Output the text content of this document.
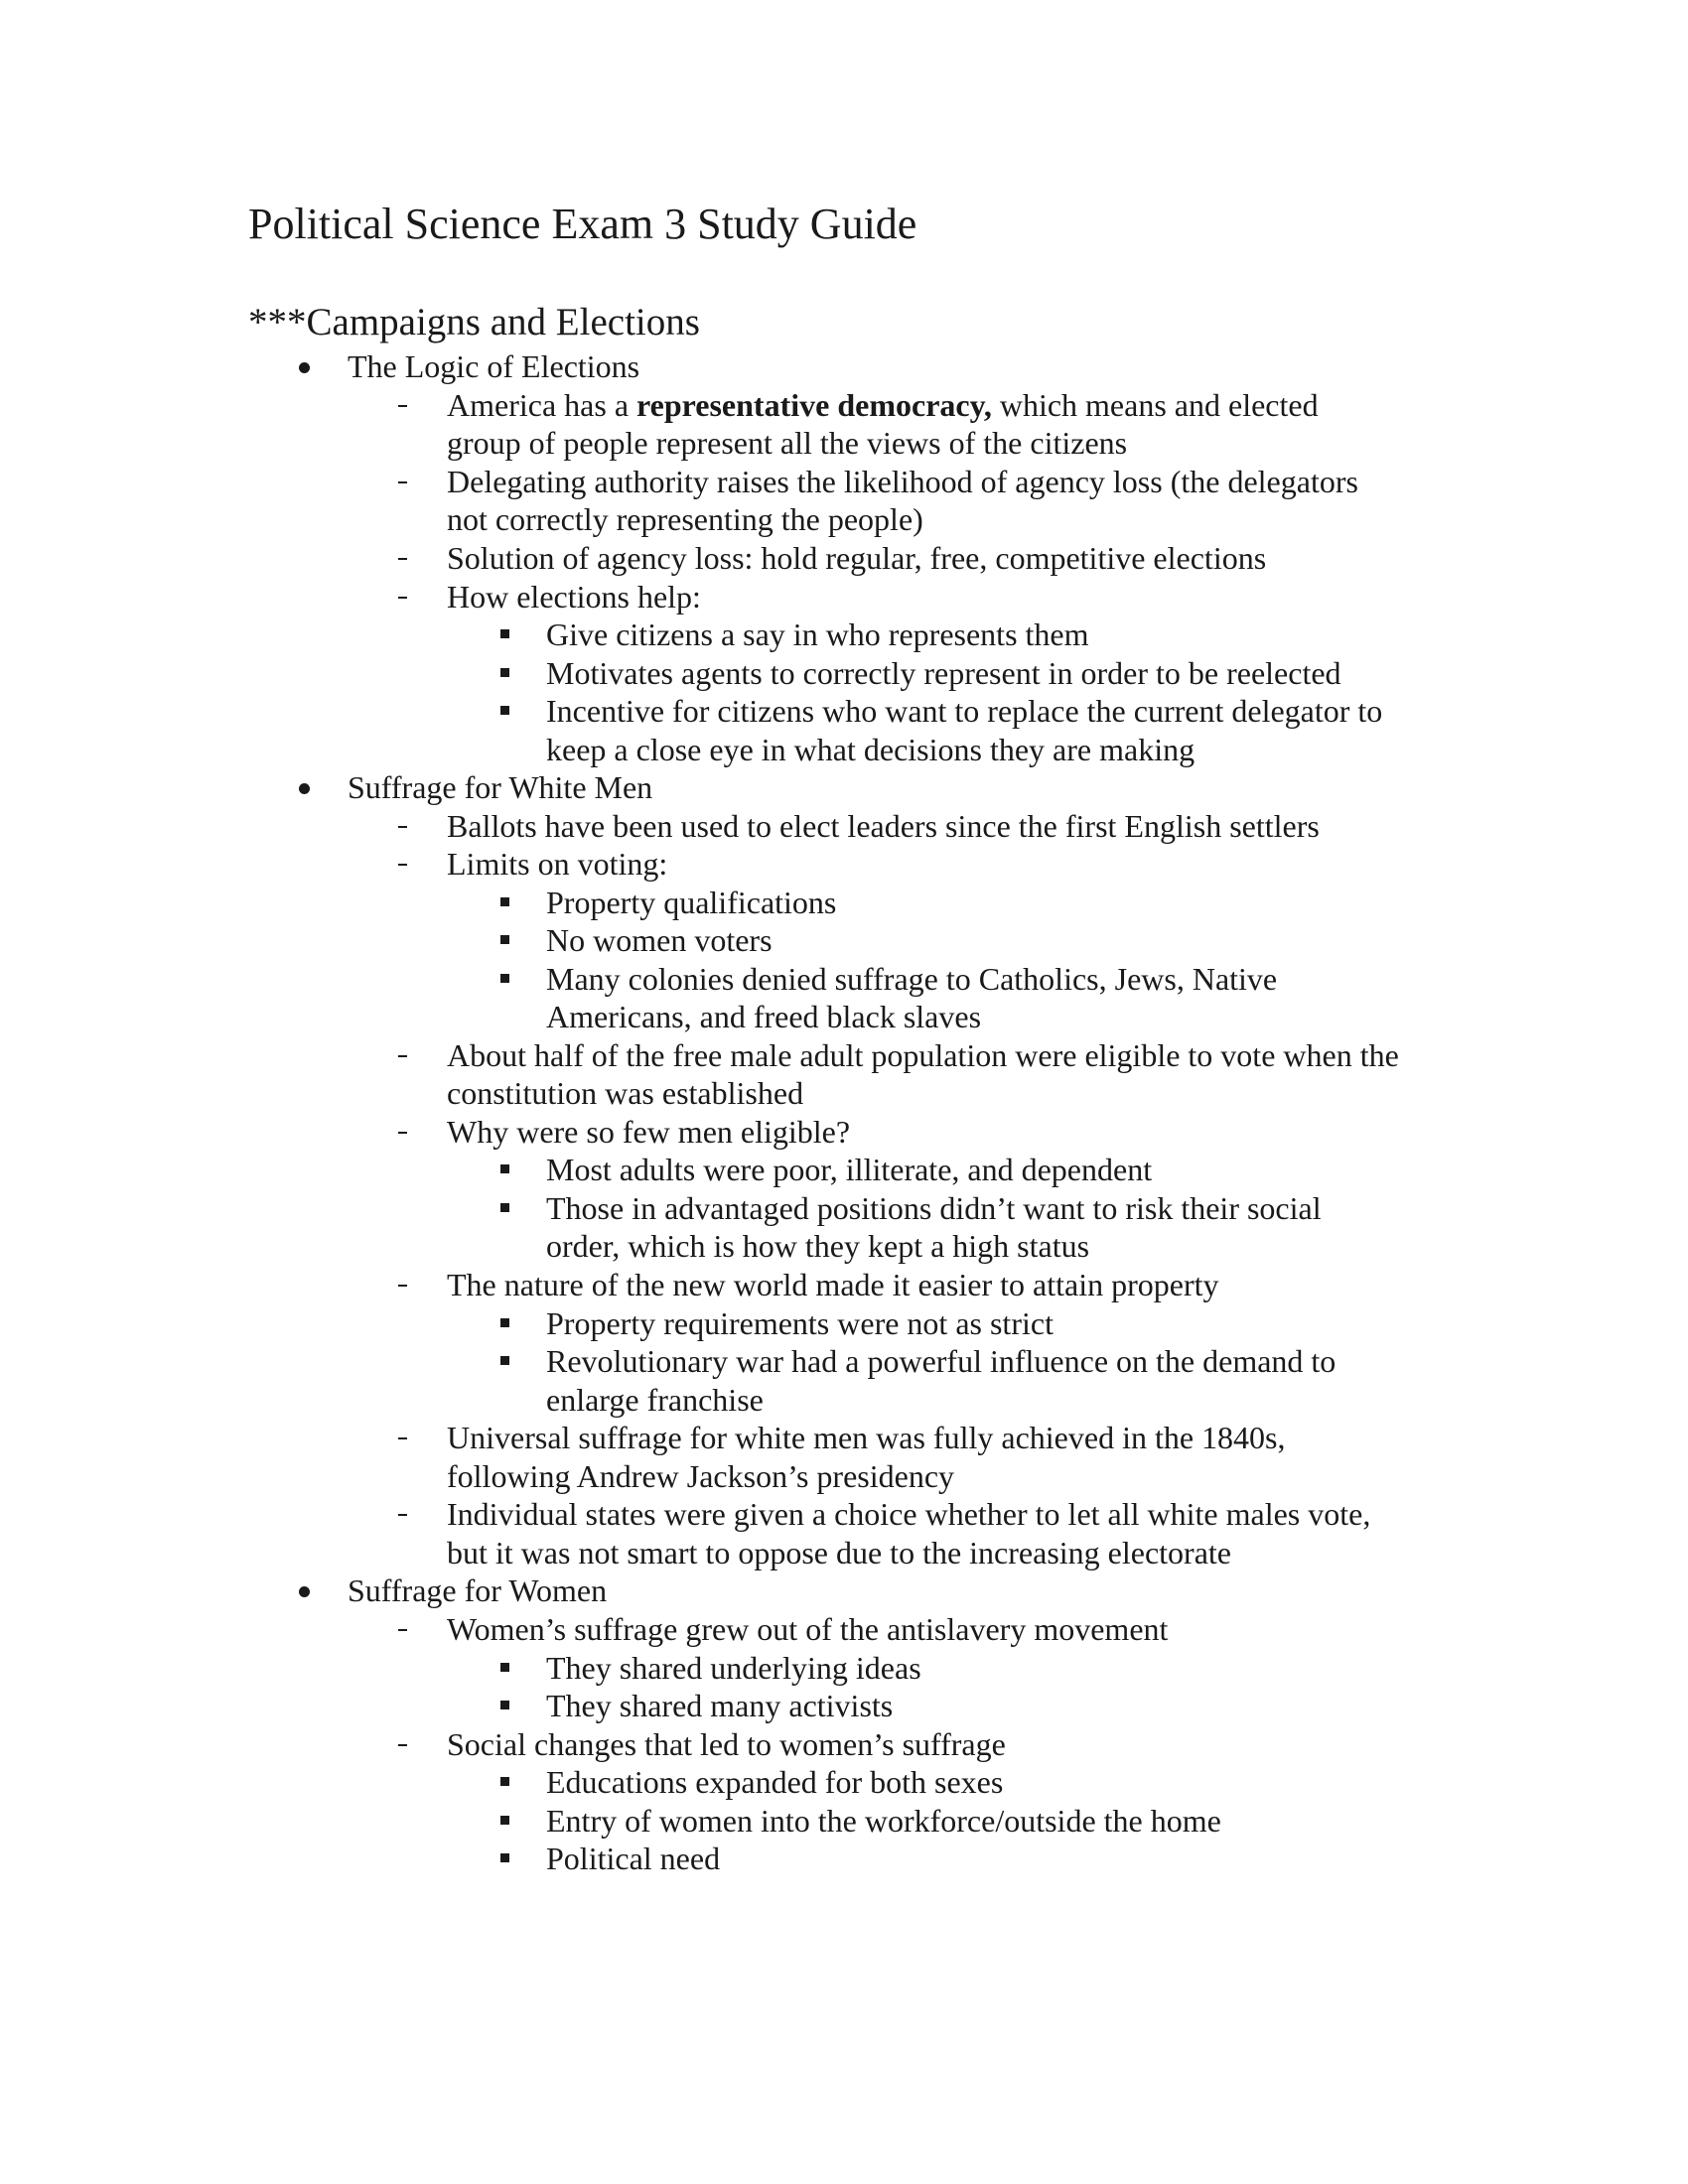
Political Science Exam 3 Study Guide
***Campaigns and Elections
The Logic of Elections
America has a representative democracy, which means and elected
group of people represent all the views of the citizens
Delegating authority raises the likelihood of agency loss (the delegators
not correctly representing the people)
Solution of agency loss: hold regular, free, competitive elections
How elections help:
Give citizens a say in who represents them
Motivates agents to correctly represent in order to be reelected
Incentive for citizens who want to replace the current delegator to
keep a close eye in what decisions they are making
Suffrage for White Men
Ballots have been used to elect leaders since the first English settlers
Limits on voting:
Property qualifications
No women voters
Many colonies denied suffrage to Catholics, Jews, Native
Americans, and freed black slaves
About half of the free male adult population were eligible to vote when the
constitution was established
Why were so few men eligible?
Most adults were poor, illiterate, and dependent
Those in advantaged positions didn’t want to risk their social
order, which is how they kept a high status
The nature of the new world made it easier to attain property
Property requirements were not as strict
Revolutionary war had a powerful influence on the demand to
enlarge franchise
Universal suffrage for white men was fully achieved in the 1840s,
following Andrew Jackson’s presidency
Individual states were given a choice whether to let all white males vote,
but it was not smart to oppose due to the increasing electorate
Suffrage for Women
Women’s suffrage grew out of the antislavery movement
They shared underlying ideas
They shared many activists
Social changes that led to women’s suffrage
Educations expanded for both sexes
Entry of women into the workforce/outside the home
Political need
